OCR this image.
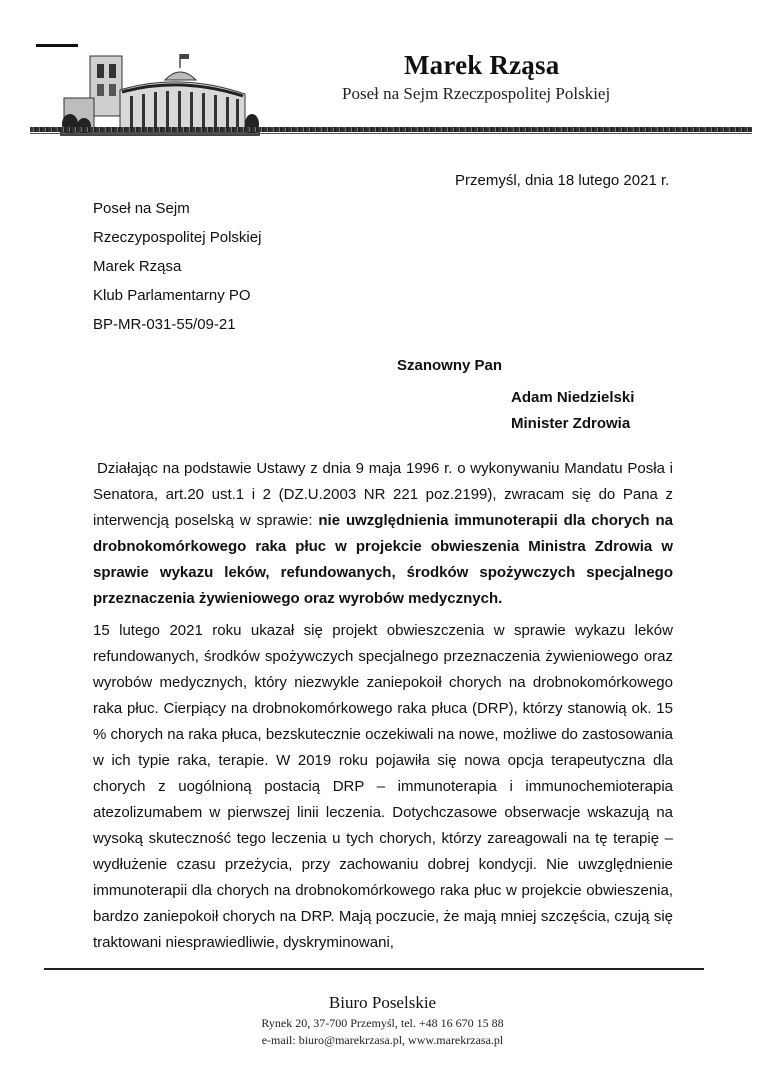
Marek Rząsa
Poseł na Sejm Rzeczpospolitej Polskiej
Przemyśl, dnia 18 lutego 2021 r.
Poseł na Sejm
Rzeczypospolitej Polskiej
Marek Rząsa
Klub Parlamentarny PO
BP-MR-031-55/09-21
Szanowny Pan
Adam Niedzielski
Minister Zdrowia

Działając na podstawie Ustawy z dnia 9 maja 1996 r. o wykonywaniu Mandatu Posła i Senatora, art.20 ust.1 i 2 (DZ.U.2003 NR 221 poz.2199), zwracam się do Pana z interwencją poselską w sprawie: nie uwzględnienia immunoterapii dla chorych na drobnokomórkowego raka płuc w projekcie obwieszenia Ministra Zdrowia w sprawie wykazu leków, refundowanych, środków spożywczych specjalnego przeznaczenia żywieniowego oraz wyrobów medycznych.

15 lutego 2021 roku ukazał się projekt obwieszczenia w sprawie wykazu leków refundowanych, środków spożywczych specjalnego przeznaczenia żywieniowego oraz wyrobów medycznych, który niezwykle zaniepokoił chorych na drobnokomórkowego raka płuc. Cierpiący na drobnokomórkowego raka płuca (DRP), którzy stanowią ok. 15 % chorych na raka płuca, bezskutecznie oczekiwali na nowe, możliwe do zastosowania w ich typie raka, terapie. W 2019 roku pojawiła się nowa opcja terapeutyczna dla chorych z uogólnioną postacią DRP – immunoterapia i immunochemioterapia atezolizumabem w pierwszej linii leczenia. Dotychczasowe obserwacje wskazują na wysoką skuteczność tego leczenia u tych chorych, którzy zareagowali na tę terapię – wydłużenie czasu przeżycia, przy zachowaniu dobrej kondycji. Nie uwzględnienie immunoterapii dla chorych na drobnokomórkowego raka płuc w projekcie obwieszenia, bardzo zaniepokoił chorych na DRP. Mają poczucie, że mają mniej szczęścia, czują się traktowani niesprawiedliwie, dyskryminowani,

Biuro Poselskie
Rynek 20, 37-700 Przemyśl, tel. +48 16 670 15 88
e-mail: biuro@marekrzasa.pl, www.marekrzasa.pl
